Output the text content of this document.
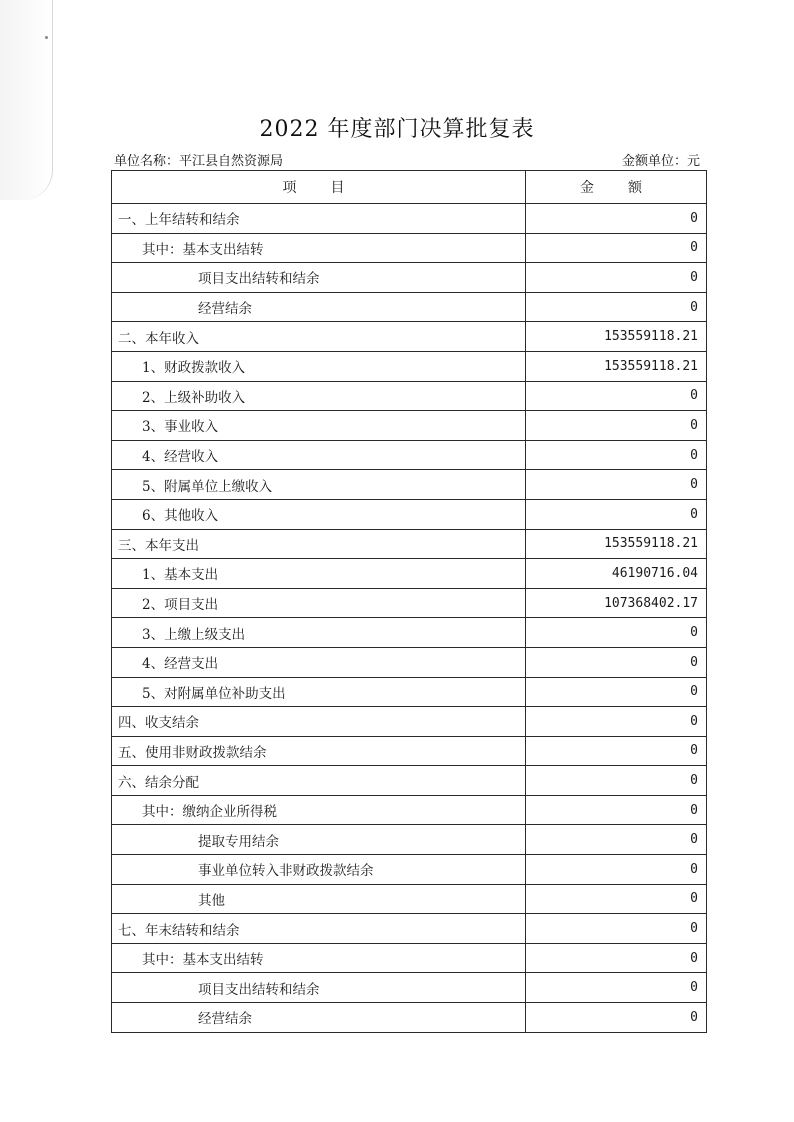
2022 年度部门决算批复表
单位名称：平江县自然资源局	金额单位：元
项　目	金　额
一、上年结转和结余	0
其中：基本支出结转	0
项目支出结转和结余	0
经营结余	0
二、本年收入	153559118.21
1、财政拨款收入	153559118.21
2、上级补助收入	0
3、事业收入	0
4、经营收入	0
5、附属单位上缴收入	0
6、其他收入	0
三、本年支出	153559118.21
1、基本支出	46190716.04
2、项目支出	107368402.17
3、上缴上级支出	0
4、经营支出	0
5、对附属单位补助支出	0
四、收支结余	0
五、使用非财政拨款结余	0
六、结余分配	0
其中：缴纳企业所得税	0
提取专用结余	0
事业单位转入非财政拨款结余	0
其他	0
七、年末结转和结余	0
其中：基本支出结转	0
项目支出结转和结余	0
经营结余	0
